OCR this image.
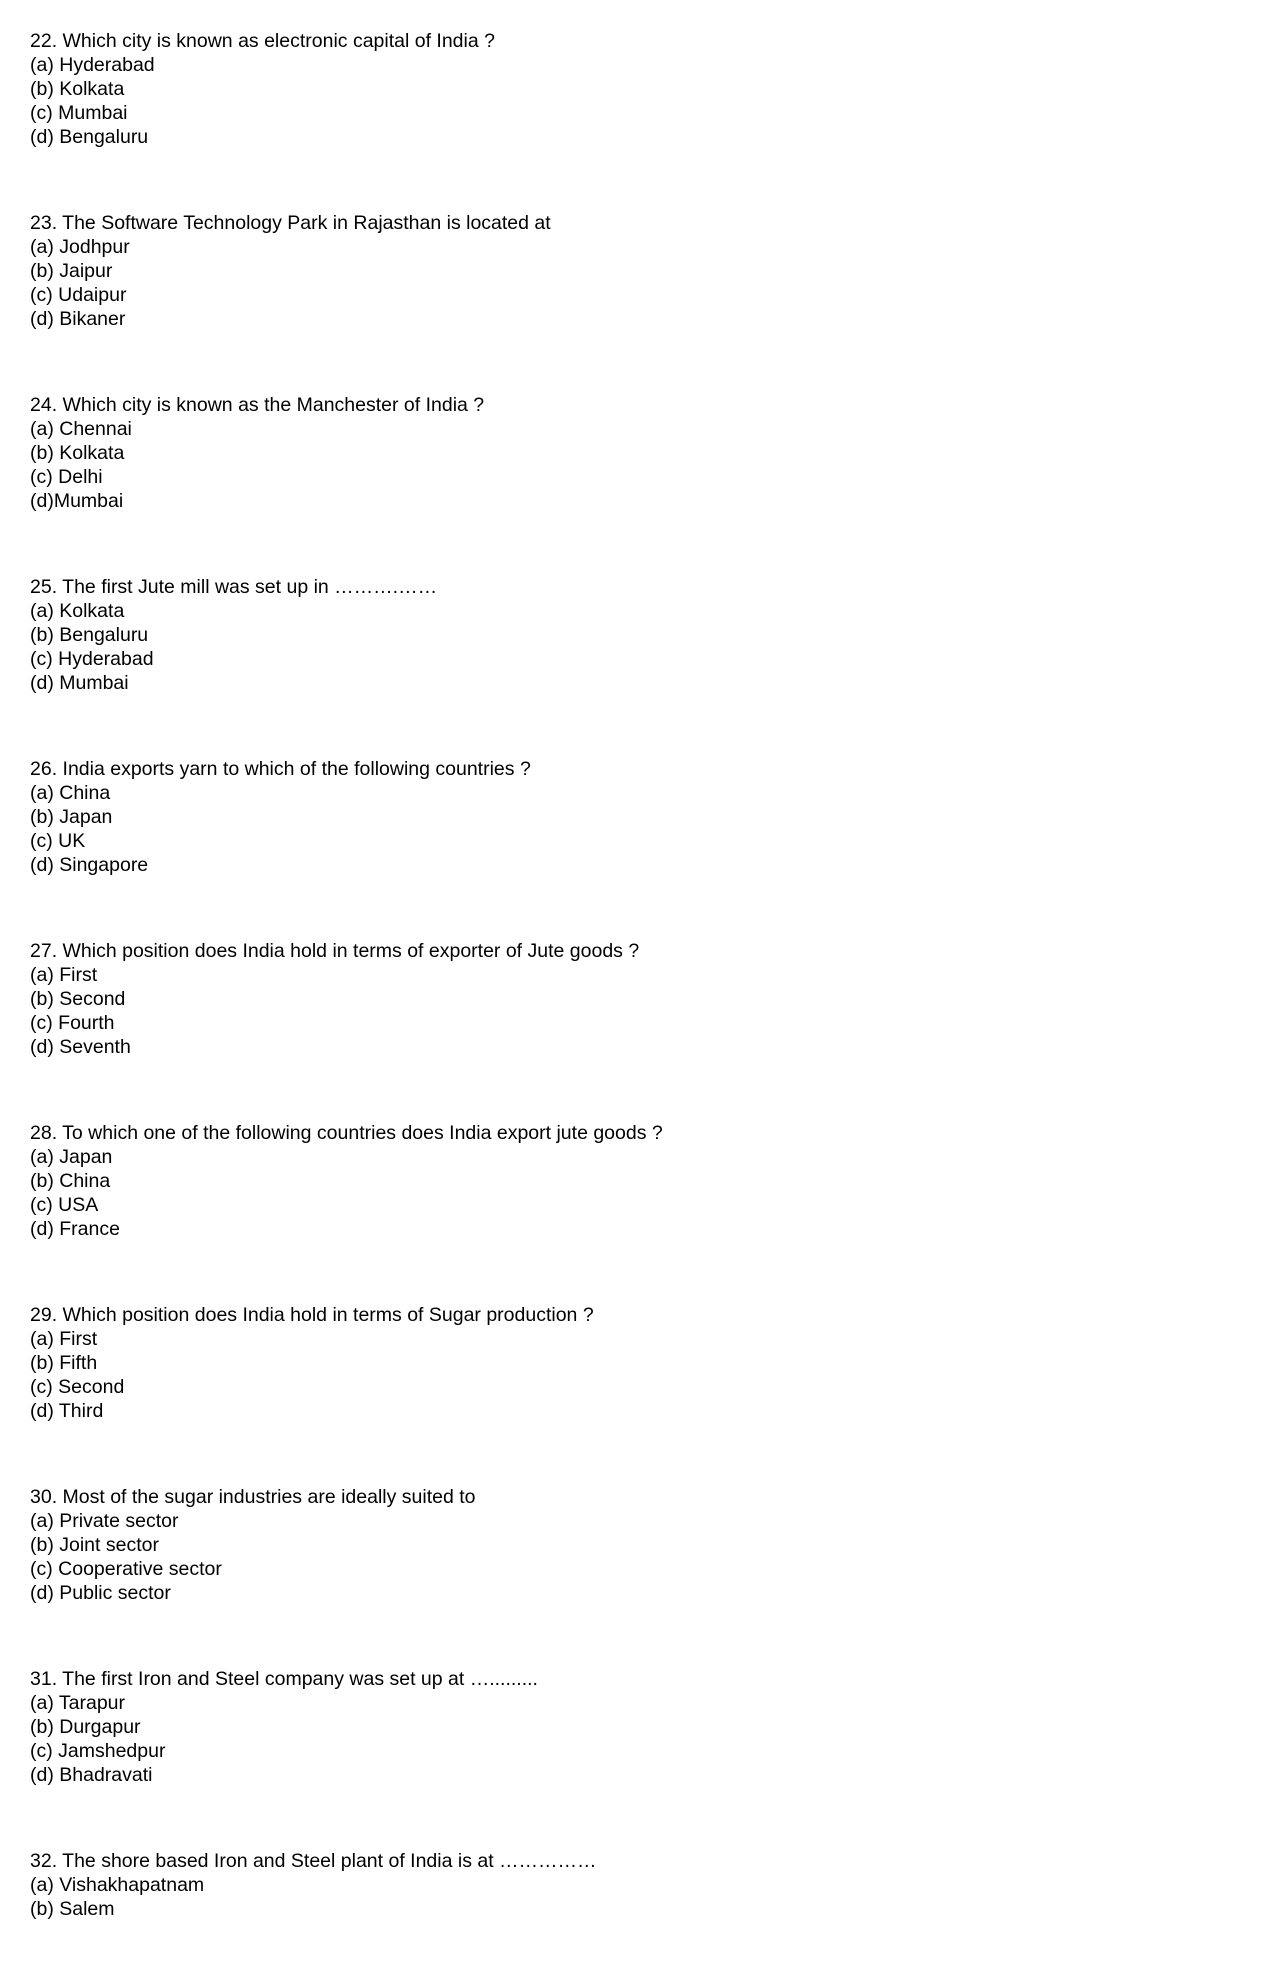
22. Which city is known as electronic capital of India ?
(a) Hyderabad
(b) Kolkata
(c) Mumbai
(d) Bengaluru
23. The Software Technology Park in Rajasthan is located at
(a) Jodhpur
(b) Jaipur
(c) Udaipur
(d) Bikaner
24. Which city is known as the Manchester of India ?
(a) Chennai
(b) Kolkata
(c) Delhi
(d)Mumbai
25. The first Jute mill was set up in ……….……
(a) Kolkata
(b) Bengaluru
(c) Hyderabad
(d) Mumbai
26. India exports yarn to which of the following countries ?
(a) China
(b) Japan
(c) UK
(d) Singapore
27. Which position does India hold in terms of exporter of Jute goods ?
(a) First
(b) Second
(c) Fourth
(d) Seventh
28. To which one of the following countries does India export jute goods ?
(a) Japan
(b) China
(c) USA
(d) France
29. Which position does India hold in terms of Sugar production ?
(a) First
(b) Fifth
(c) Second
(d) Third
30. Most of the sugar industries are ideally suited to
(a) Private sector
(b) Joint sector
(c) Cooperative sector
(d) Public sector
31. The first Iron and Steel company was set up at ….........
(a) Tarapur
(b) Durgapur
(c) Jamshedpur
(d) Bhadravati
32. The shore based Iron and Steel plant of India is at ……………
(a) Vishakhapatnam
(b) Salem
